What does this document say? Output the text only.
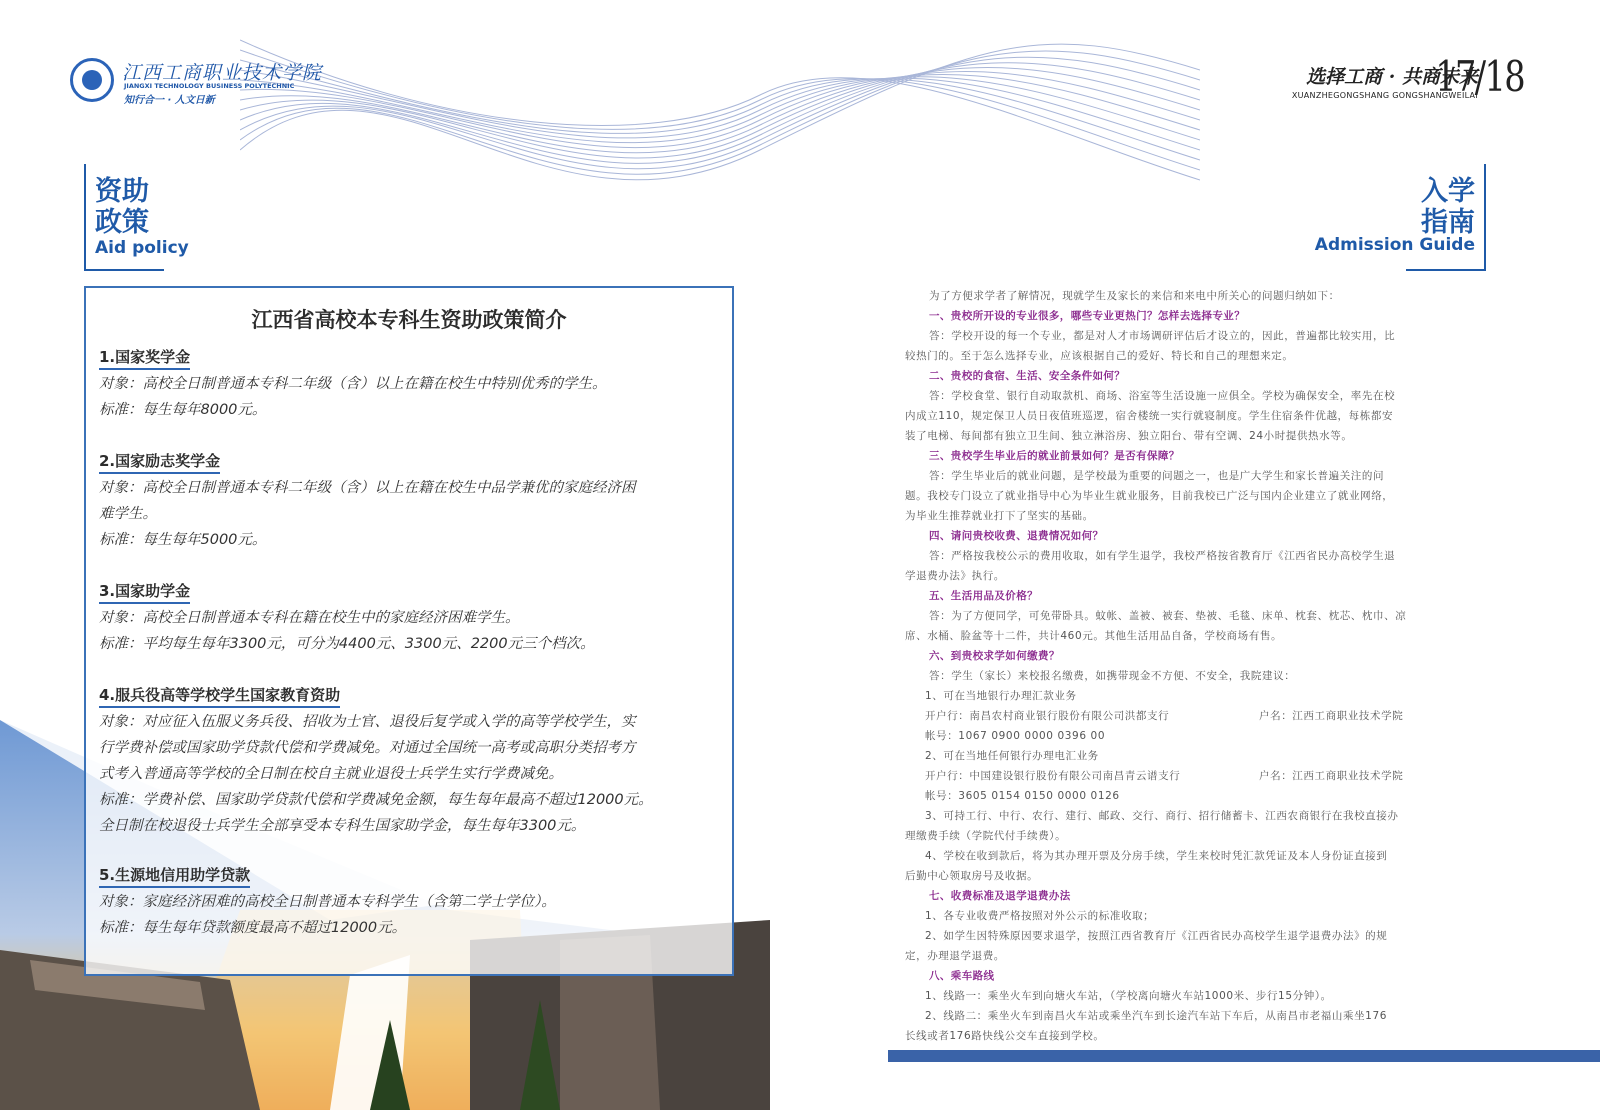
江西工商职业技术学院
JIANGXI TECHNOLOGY BUSINESS POLYTECHNIC
知行合一 · 人文日新
选择工商 · 共商未来
XUANZHEGONGSHANG GONGSHANGWEILAI
17/18
资助
政策
Aid policy
入学
指南
Admission Guide
江西省高校本专科生资助政策简介
1.国家奖学金
对象：高校全日制普通本专科二年级（含）以上在籍在校生中特别优秀的学生。
标准：每生每年8000元。
2.国家励志奖学金
对象：高校全日制普通本专科二年级（含）以上在籍在校生中品学兼优的家庭经济困
难学生。
标准：每生每年5000元。
3.国家助学金
对象：高校全日制普通本专科在籍在校生中的家庭经济困难学生。
标准：平均每生每年3300元，可分为4400元、3300元、2200元三个档次。
4.服兵役高等学校学生国家教育资助
对象：对应征入伍服义务兵役、招收为士官、退役后复学或入学的高等学校学生，实
行学费补偿或国家助学贷款代偿和学费减免。对通过全国统一高考或高职分类招考方
式考入普通高等学校的全日制在校自主就业退役士兵学生实行学费减免。
标准：学费补偿、国家助学贷款代偿和学费减免金额，每生每年最高不超过12000元。
全日制在校退役士兵学生全部享受本专科生国家助学金，每生每年3300元。
5.生源地信用助学贷款
对象：家庭经济困难的高校全日制普通本专科学生（含第二学士学位）。
标准：每生每年贷款额度最高不超过12000元。
为了方便求学者了解情况，现就学生及家长的来信和来电中所关心的问题归纳如下：
一、贵校所开设的专业很多，哪些专业更热门？怎样去选择专业？
答：学校开设的每一个专业，都是对人才市场调研评估后才设立的，因此，普遍都比较实用，比
较热门的。至于怎么选择专业，应该根据自己的爱好、特长和自己的理想来定。
二、贵校的食宿、生活、安全条件如何？
答：学校食堂、银行自动取款机、商场、浴室等生活设施一应俱全。学校为确保安全，率先在校
内成立110，规定保卫人员日夜值班巡逻，宿舍楼统一实行就寝制度。学生住宿条件优越，每栋都安
装了电梯、每间都有独立卫生间、独立淋浴房、独立阳台、带有空调、24小时提供热水等。
三、贵校学生毕业后的就业前景如何？是否有保障？
答：学生毕业后的就业问题，是学校最为重要的问题之一，也是广大学生和家长普遍关注的问
题。我校专门设立了就业指导中心为毕业生就业服务，目前我校已广泛与国内企业建立了就业网络，
为毕业生推荐就业打下了坚实的基础。
四、请问贵校收费、退费情况如何？
答：严格按我校公示的费用收取，如有学生退学，我校严格按省教育厅《江西省民办高校学生退
学退费办法》执行。
五、生活用品及价格？
答：为了方便同学，可免带卧具。蚊帐、盖被、被套、垫被、毛毯、床单、枕套、枕芯、枕巾、凉
席、水桶、脸盆等十二件，共计460元。其他生活用品自备，学校商场有售。
六、到贵校求学如何缴费？
答：学生（家长）来校报名缴费，如携带现金不方便、不安全，我院建议：
1、可在当地银行办理汇款业务
开户行：南昌农村商业银行股份有限公司洪都支行	户名：江西工商职业技术学院
帐号：1067 0900 0000 0396 00
2、可在当地任何银行办理电汇业务
开户行：中国建设银行股份有限公司南昌青云谱支行	户名：江西工商职业技术学院
帐号：3605 0154 0150 0000 0126
3、可持工行、中行、农行、建行、邮政、交行、商行、招行储蓄卡、江西农商银行在我校直接办
理缴费手续（学院代付手续费）。
4、学校在收到款后，将为其办理开票及分房手续，学生来校时凭汇款凭证及本人身份证直接到
后勤中心领取房号及收据。
七、收费标准及退学退费办法
1、各专业收费严格按照对外公示的标准收取；
2、如学生因特殊原因要求退学，按照江西省教育厅《江西省民办高校学生退学退费办法》的规
定，办理退学退费。
八、乘车路线
1、线路一：乘坐火车到向塘火车站，（学校离向塘火车站1000米、步行15分钟）。
2、线路二：乘坐火车到南昌火车站或乘坐汽车到长途汽车站下车后，从南昌市老福山乘坐176
长线或者176路快线公交车直接到学校。
